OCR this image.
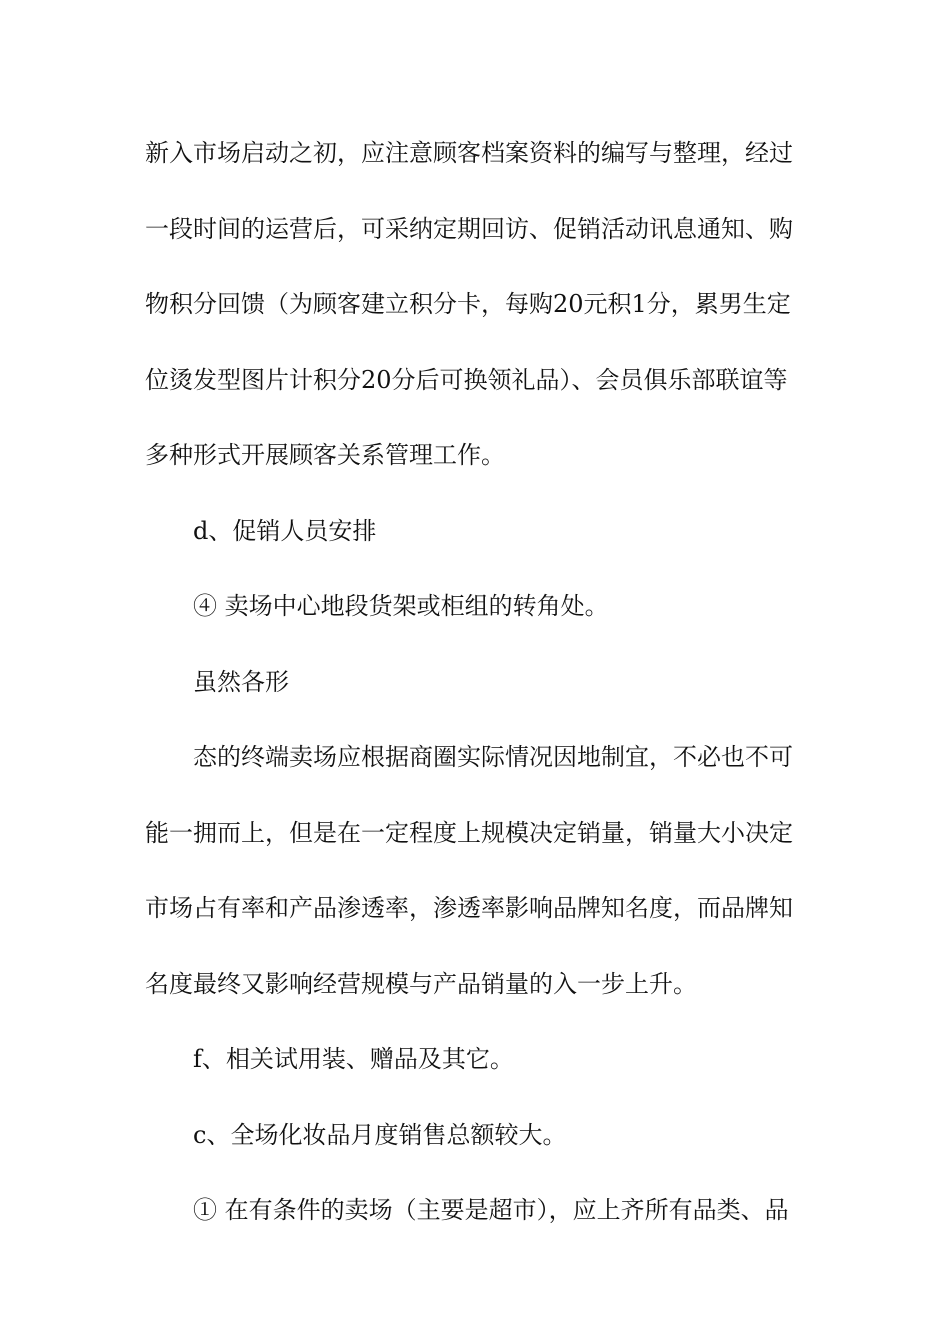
新入市场启动之初，应注意顾客档案资料的编写与整理，经过
一段时间的运营后，可采纳定期回访、促销活动讯息通知、购
物积分回馈（为顾客建立积分卡，每购20元积1分，累男生定
位烫发型图片计积分20分后可换领礼品）、会员俱乐部联谊等
多种形式开展顾客关系管理工作。
d、促销人员安排
④ 卖场中心地段货架或柜组的转角处。
虽然各形
态的终端卖场应根据商圈实际情况因地制宜，不必也不可
能一拥而上，但是在一定程度上规模决定销量，销量大小决定
市场占有率和产品渗透率，渗透率影响品牌知名度，而品牌知
名度最终又影响经营规模与产品销量的入一步上升。
f、相关试用装、赠品及其它。
c、全场化妆品月度销售总额较大。
① 在有条件的卖场（主要是超市），应上齐所有品类、品
